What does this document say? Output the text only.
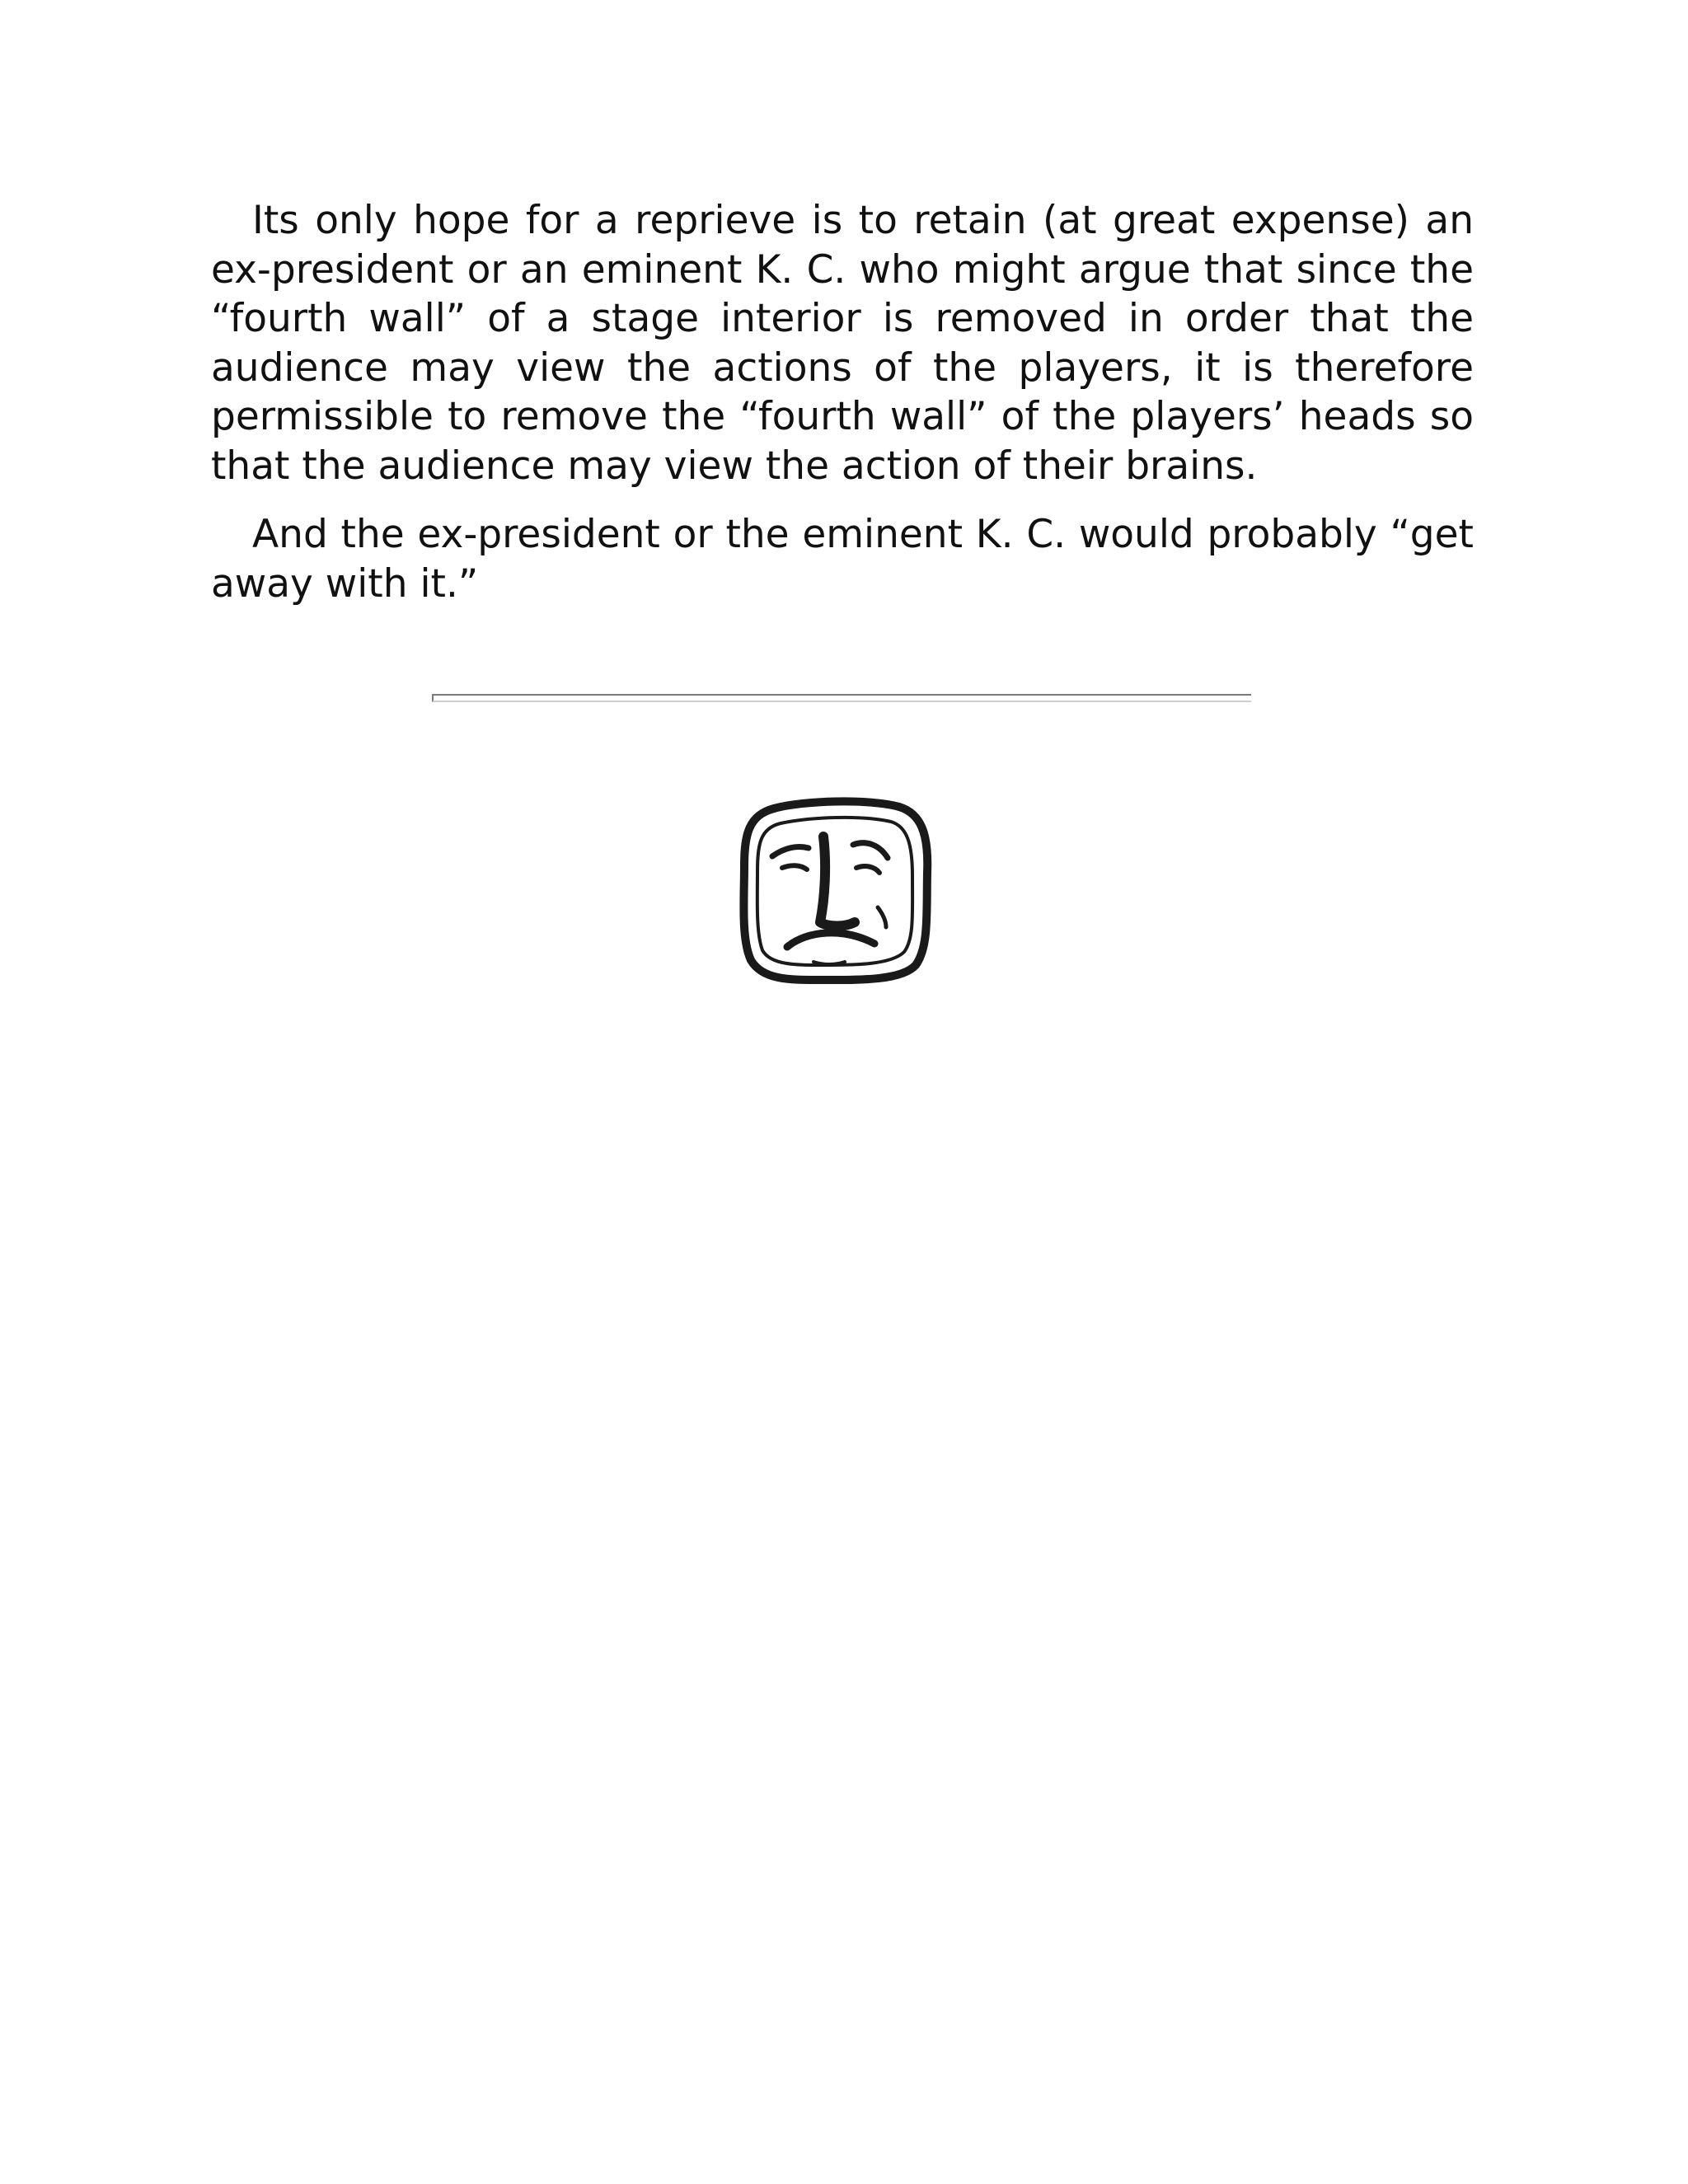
Its only hope for a reprieve is to retain (at great expense) an ex-president or an eminent K. C. who might argue that since the “fourth wall” of a stage interior is removed in order that the audience may view the actions of the players, it is therefore permissible to remove the “fourth wall” of the players’ heads so that the audience may view the action of their brains.

And the ex-president or the eminent K. C. would probably “get away with it.”
